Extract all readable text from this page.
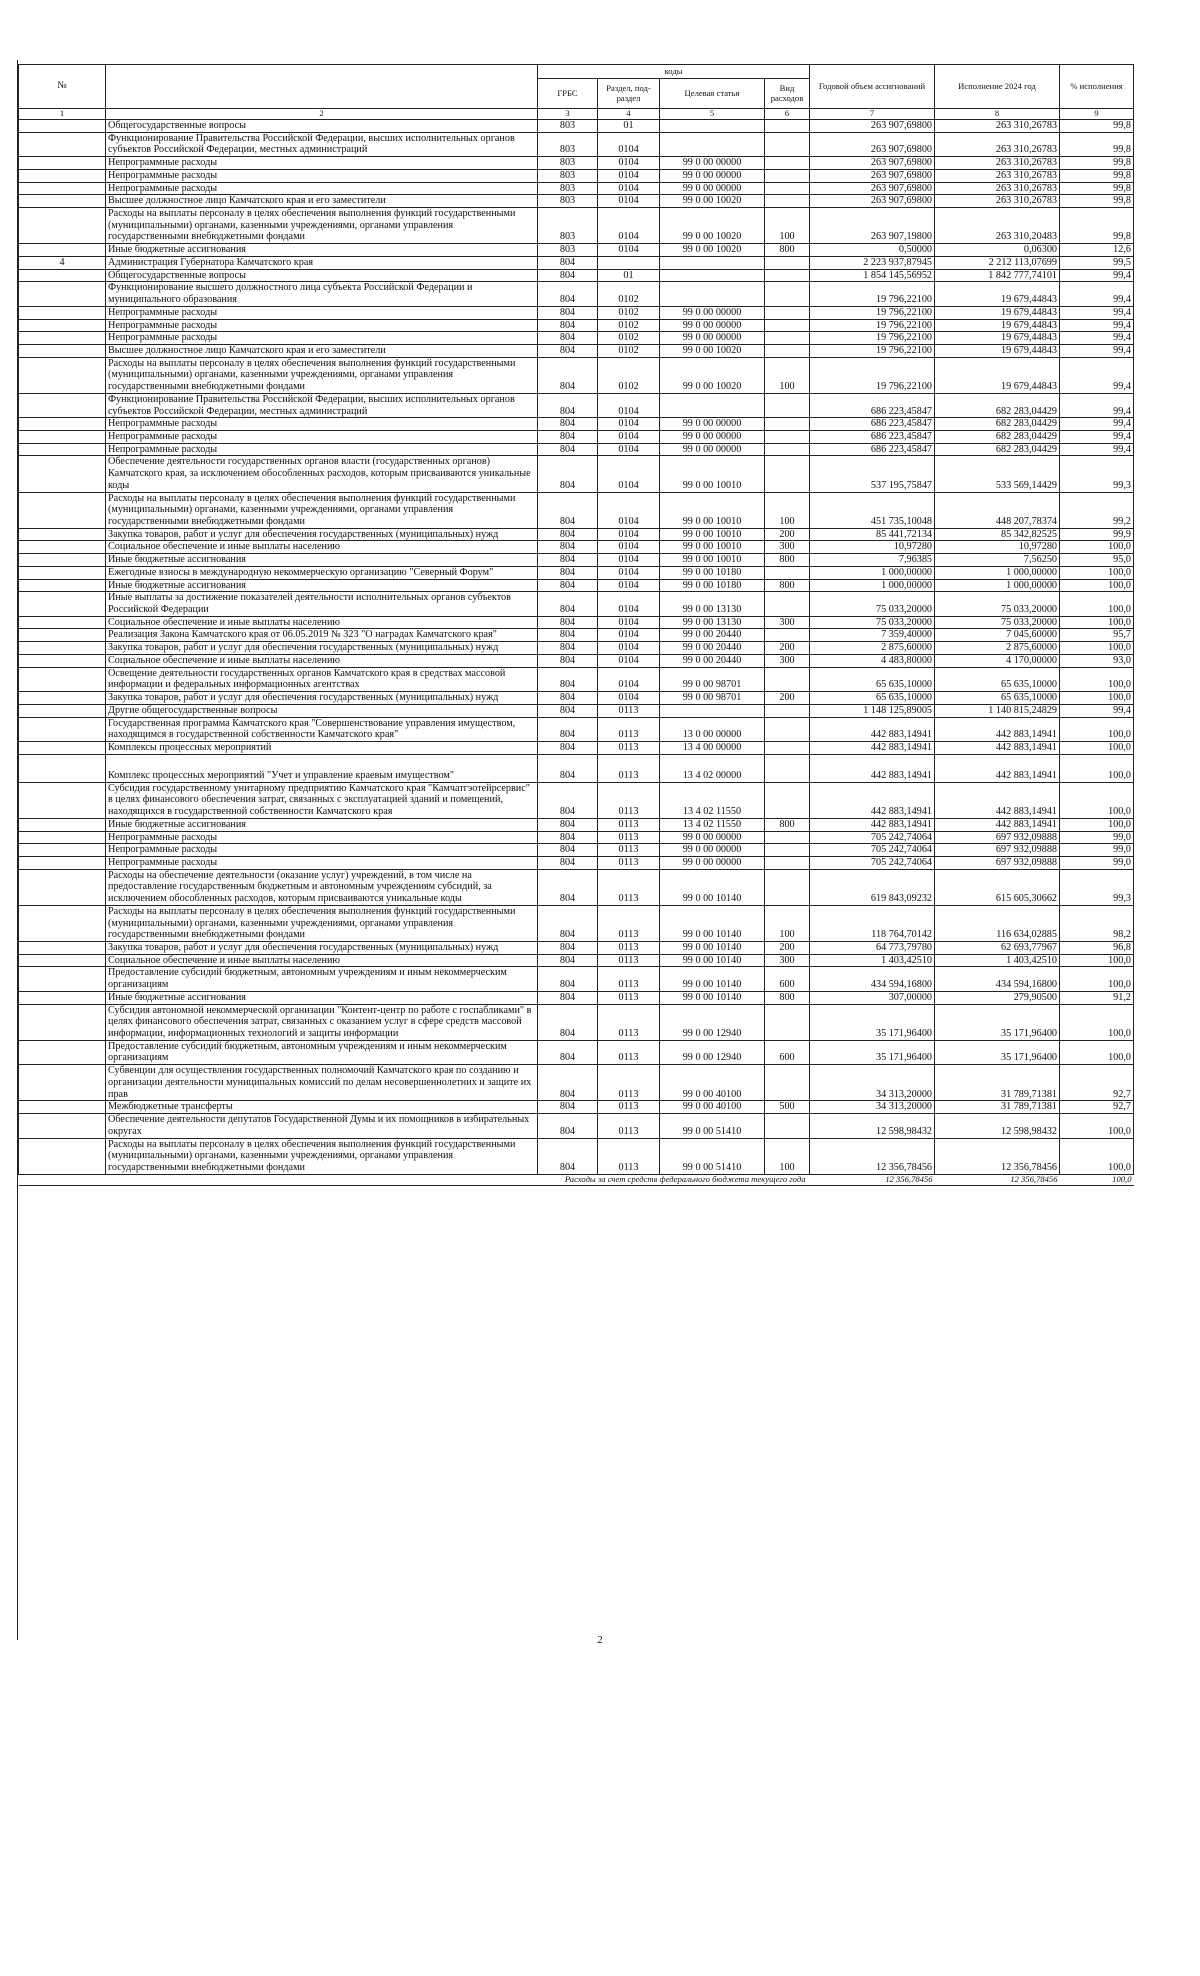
№		коды				Годовой объем ассигнований	Исполнение 2024 год	% исполнения
		ГРБС	Раздел, под-раздел	Целевая статья	Вид расходов			
1	2	3	4	5	6	7	8	9
	Общегосударственные вопросы	803	01			263 907,69800	263 310,26783	99,8
	Функционирование Правительства Российской Федерации, высших исполнительных органов субъектов Российской Федерации, местных администраций	803	0104			263 907,69800	263 310,26783	99,8
	Непрограммные расходы	803	0104	99 0 00 00000		263 907,69800	263 310,26783	99,8
	Непрограммные расходы	803	0104	99 0 00 00000		263 907,69800	263 310,26783	99,8
	Непрограммные расходы	803	0104	99 0 00 00000		263 907,69800	263 310,26783	99,8
	Высшее должностное лицо Камчатского края и его заместители	803	0104	99 0 00 10020		263 907,69800	263 310,26783	99,8
	Расходы на выплаты персоналу в целях обеспечения выполнения функций государственными (муниципальными) органами, казенными учреждениями, органами управления государственными внебюджетными фондами	803	0104	99 0 00 10020	100	263 907,19800	263 310,20483	99,8
	Иные бюджетные ассигнования	803	0104	99 0 00 10020	800	0,50000	0,06300	12,6
4	Администрация Губернатора Камчатского края	804				2 223 937,87945	2 212 113,07699	99,5
	Общегосударственные вопросы	804	01			1 854 145,56952	1 842 777,74101	99,4
	Функционирование высшего должностного лица субъекта Российской Федерации и муниципального образования	804	0102			19 796,22100	19 679,44843	99,4
	Непрограммные расходы	804	0102	99 0 00 00000		19 796,22100	19 679,44843	99,4
	Непрограммные расходы	804	0102	99 0 00 00000		19 796,22100	19 679,44843	99,4
	Непрограммные расходы	804	0102	99 0 00 00000		19 796,22100	19 679,44843	99,4
	Высшее должностное лицо Камчатского края и его заместители	804	0102	99 0 00 10020		19 796,22100	19 679,44843	99,4
	Расходы на выплаты персоналу в целях обеспечения выполнения функций государственными (муниципальными) органами, казенными учреждениями, органами управления государственными внебюджетными фондами	804	0102	99 0 00 10020	100	19 796,22100	19 679,44843	99,4
	Функционирование Правительства Российской Федерации, высших исполнительных органов субъектов Российской Федерации, местных администраций	804	0104			686 223,45847	682 283,04429	99,4
	Непрограммные расходы	804	0104	99 0 00 00000		686 223,45847	682 283,04429	99,4
	Непрограммные расходы	804	0104	99 0 00 00000		686 223,45847	682 283,04429	99,4
	Непрограммные расходы	804	0104	99 0 00 00000		686 223,45847	682 283,04429	99,4
	Обеспечение деятельности государственных органов власти (государственных органов) Камчатского края, за исключением обособленных расходов, которым присваиваются уникальные коды	804	0104	99 0 00 10010		537 195,75847	533 569,14429	99,3
	Расходы на выплаты персоналу в целях обеспечения выполнения функций государственными (муниципальными) органами, казенными учреждениями, органами управления государственными внебюджетными фондами	804	0104	99 0 00 10010	100	451 735,10048	448 207,78374	99,2
	Закупка товаров, работ и услуг для обеспечения государственных (муниципальных) нужд	804	0104	99 0 00 10010	200	85 441,72134	85 342,82525	99,9
	Социальное обеспечение и иные выплаты населению	804	0104	99 0 00 10010	300	10,97280	10,97280	100,0
	Иные бюджетные ассигнования	804	0104	99 0 00 10010	800	7,96385	7,56250	95,0
	Ежегодные взносы в международную некоммерческую организацию "Северный Форум"	804	0104	99 0 00 10180		1 000,00000	1 000,00000	100,0
	Иные бюджетные ассигнования	804	0104	99 0 00 10180	800	1 000,00000	1 000,00000	100,0
	Иные выплаты за достижение показателей деятельности исполнительных органов субъектов Российской Федерации	804	0104	99 0 00 13130		75 033,20000	75 033,20000	100,0
	Социальное обеспечение и иные выплаты населению	804	0104	99 0 00 13130	300	75 033,20000	75 033,20000	100,0
	Реализация Закона Камчатского края от 06.05.2019 № 323 "О наградах Камчатского края"	804	0104	99 0 00 20440		7 359,40000	7 045,60000	95,7
	Закупка товаров, работ и услуг для обеспечения государственных (муниципальных) нужд	804	0104	99 0 00 20440	200	2 875,60000	2 875,60000	100,0
	Социальное обеспечение и иные выплаты населению	804	0104	99 0 00 20440	300	4 483,80000	4 170,00000	93,0
	Освещение деятельности государственных органов Камчатского края в средствах массовой информации и федеральных информационных агентствах	804	0104	99 0 00 98701		65 635,10000	65 635,10000	100,0
	Закупка товаров, работ и услуг для обеспечения государственных (муниципальных) нужд	804	0104	99 0 00 98701	200	65 635,10000	65 635,10000	100,0
	Другие общегосударственные вопросы	804	0113			1 148 125,89005	1 140 815,24829	99,4
	Государственная программа Камчатского края "Совершенствование управления имуществом, находящимся в государственной собственности Камчатского края"	804	0113	13 0 00 00000		442 883,14941	442 883,14941	100,0
	Комплексы процессных мероприятий	804	0113	13 4 00 00000		442 883,14941	442 883,14941	100,0
	Комплекс процессных мероприятий "Учет и управление краевым имуществом"	804	0113	13 4 02 00000		442 883,14941	442 883,14941	100,0
	Субсидия государственному унитарному предприятию Камчатского края "Камчатгэотейрсервис" в целях финансового обеспечения затрат, связанных с эксплуатацией зданий и помещений, находящихся в государственной собственности Камчатского края	804	0113	13 4 02 11550		442 883,14941	442 883,14941	100,0
	Иные бюджетные ассигнования	804	0113	13 4 02 11550	800	442 883,14941	442 883,14941	100,0
	Непрограммные расходы	804	0113	99 0 00 00000		705 242,74064	697 932,09888	99,0
	Непрограммные расходы	804	0113	99 0 00 00000		705 242,74064	697 932,09888	99,0
	Непрограммные расходы	804	0113	99 0 00 00000		705 242,74064	697 932,09888	99,0
	Расходы на обеспечение деятельности (оказание услуг) учреждений, в том числе на предоставление государственным бюджетным и автономным учреждениям субсидий, за исключением обособленных расходов, которым присваиваются уникальные коды	804	0113	99 0 00 10140		619 843,09232	615 605,30662	99,3
	Расходы на выплаты персоналу в целях обеспечения выполнения функций государственными (муниципальными) органами, казенными учреждениями, органами управления государственными внебюджетными фондами	804	0113	99 0 00 10140	100	118 764,70142	116 634,02885	98,2
	Закупка товаров, работ и услуг для обеспечения государственных (муниципальных) нужд	804	0113	99 0 00 10140	200	64 773,79780	62 693,77967	96,8
	Социальное обеспечение и иные выплаты населению	804	0113	99 0 00 10140	300	1 403,42510	1 403,42510	100,0
	Предоставление субсидий бюджетным, автономным учреждениям и иным некоммерческим организациям	804	0113	99 0 00 10140	600	434 594,16800	434 594,16800	100,0
	Иные бюджетные ассигнования	804	0113	99 0 00 10140	800	307,00000	279,90500	91,2
	Субсидия автономной некоммерческой организации "Контент-центр по работе с госпабликами" в целях финансового обеспечения затрат, связанных с оказанием услуг в сфере средств массовой информации, информационных технологий и защиты информации	804	0113	99 0 00 12940		35 171,96400	35 171,96400	100,0
	Предоставление субсидий бюджетным, автономным учреждениям и иным некоммерческим организациям	804	0113	99 0 00 12940	600	35 171,96400	35 171,96400	100,0
	Субвенции для осуществления государственных полномочий Камчатского края по созданию и организации деятельности муниципальных комиссий по делам несовершеннолетних и защите их прав	804	0113	99 0 00 40100		34 313,20000	31 789,71381	92,7
	Межбюджетные трансферты	804	0113	99 0 00 40100	500	34 313,20000	31 789,71381	92,7
	Обеспечение деятельности депутатов Государственной Думы и их помощников в избирательных округах	804	0113	99 0 00 51410		12 598,98432	12 598,98432	100,0
	Расходы на выплаты персоналу в целях обеспечения выполнения функций государственными (муниципальными) органами, казенными учреждениями, органами управления государственными внебюджетными фондами	804	0113	99 0 00 51410	100	12 356,78456	12 356,78456	100,0
Расходы за счет средств федерального бюджета текущего года						12 356,78456	12 356,78456	100,0
2
